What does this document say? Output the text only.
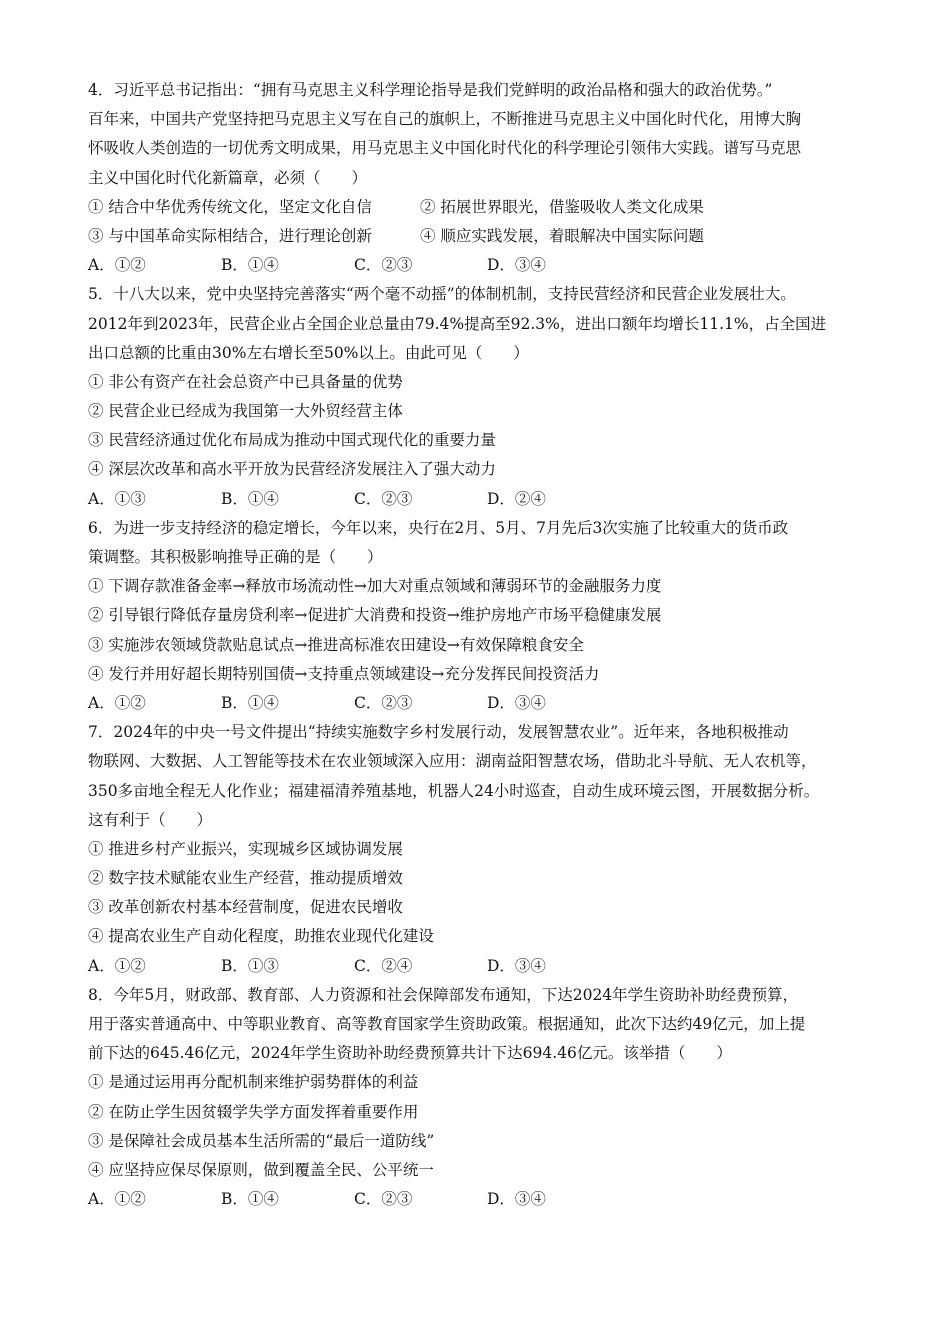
4．习近平总书记指出：“拥有马克思主义科学理论指导是我们党鲜明的政治品格和强大的政治优势。”
百年来，中国共产党坚持把马克思主义写在自己的旗帜上，不断推进马克思主义中国化时代化，用博大胸
怀吸收人类创造的一切优秀文明成果，用马克思主义中国化时代化的科学理论引领伟大实践。谱写马克思
主义中国化时代化新篇章，必须（　　）
① 结合中华优秀传统文化，坚定文化自信	② 拓展世界眼光，借鉴吸收人类文化成果
③ 与中国革命实际相结合，进行理论创新	④ 顺应实践发展，着眼解决中国实际问题
A．①②	B．①④	C．②③	D．③④
5．十八大以来，党中央坚持完善落实“两个毫不动摇”的体制机制，支持民营经济和民营企业发展壮大。
2012年到2023年，民营企业占全国企业总量由79.4%提高至92.3%，进出口额年均增长11.1%，占全国进
出口总额的比重由30%左右增长至50%以上。由此可见（　　）
① 非公有资产在社会总资产中已具备量的优势
② 民营企业已经成为我国第一大外贸经营主体
③ 民营经济通过优化布局成为推动中国式现代化的重要力量
④ 深层次改革和高水平开放为民营经济发展注入了强大动力
A．①③	B．①④	C．②③	D．②④
6．为进一步支持经济的稳定增长，今年以来，央行在2月、5月、7月先后3次实施了比较重大的货币政
策调整。其积极影响推导正确的是（　　）
① 下调存款准备金率→释放市场流动性→加大对重点领域和薄弱环节的金融服务力度
② 引导银行降低存量房贷利率→促进扩大消费和投资→维护房地产市场平稳健康发展
③ 实施涉农领域贷款贴息试点→推进高标准农田建设→有效保障粮食安全
④ 发行并用好超长期特别国债→支持重点领域建设→充分发挥民间投资活力
A．①②	B．①④	C．②③	D．③④
7．2024年的中央一号文件提出“持续实施数字乡村发展行动，发展智慧农业”。近年来，各地积极推动
物联网、大数据、人工智能等技术在农业领域深入应用：湖南益阳智慧农场，借助北斗导航、无人农机等，
350多亩地全程无人化作业；福建福清养殖基地，机器人24小时巡查，自动生成环境云图，开展数据分析。
这有利于（　　）
① 推进乡村产业振兴，实现城乡区域协调发展
② 数字技术赋能农业生产经营，推动提质增效
③ 改革创新农村基本经营制度，促进农民增收
④ 提高农业生产自动化程度，助推农业现代化建设
A．①②	B．①③	C．②④	D．③④
8．今年5月，财政部、教育部、人力资源和社会保障部发布通知，下达2024年学生资助补助经费预算，
用于落实普通高中、中等职业教育、高等教育国家学生资助政策。根据通知，此次下达约49亿元，加上提
前下达的645.46亿元，2024年学生资助补助经费预算共计下达694.46亿元。该举措（　　）
① 是通过运用再分配机制来维护弱势群体的利益
② 在防止学生因贫辍学失学方面发挥着重要作用
③ 是保障社会成员基本生活所需的“最后一道防线”
④ 应坚持应保尽保原则，做到覆盖全民、公平统一
A．①②	B．①④	C．②③	D．③④
